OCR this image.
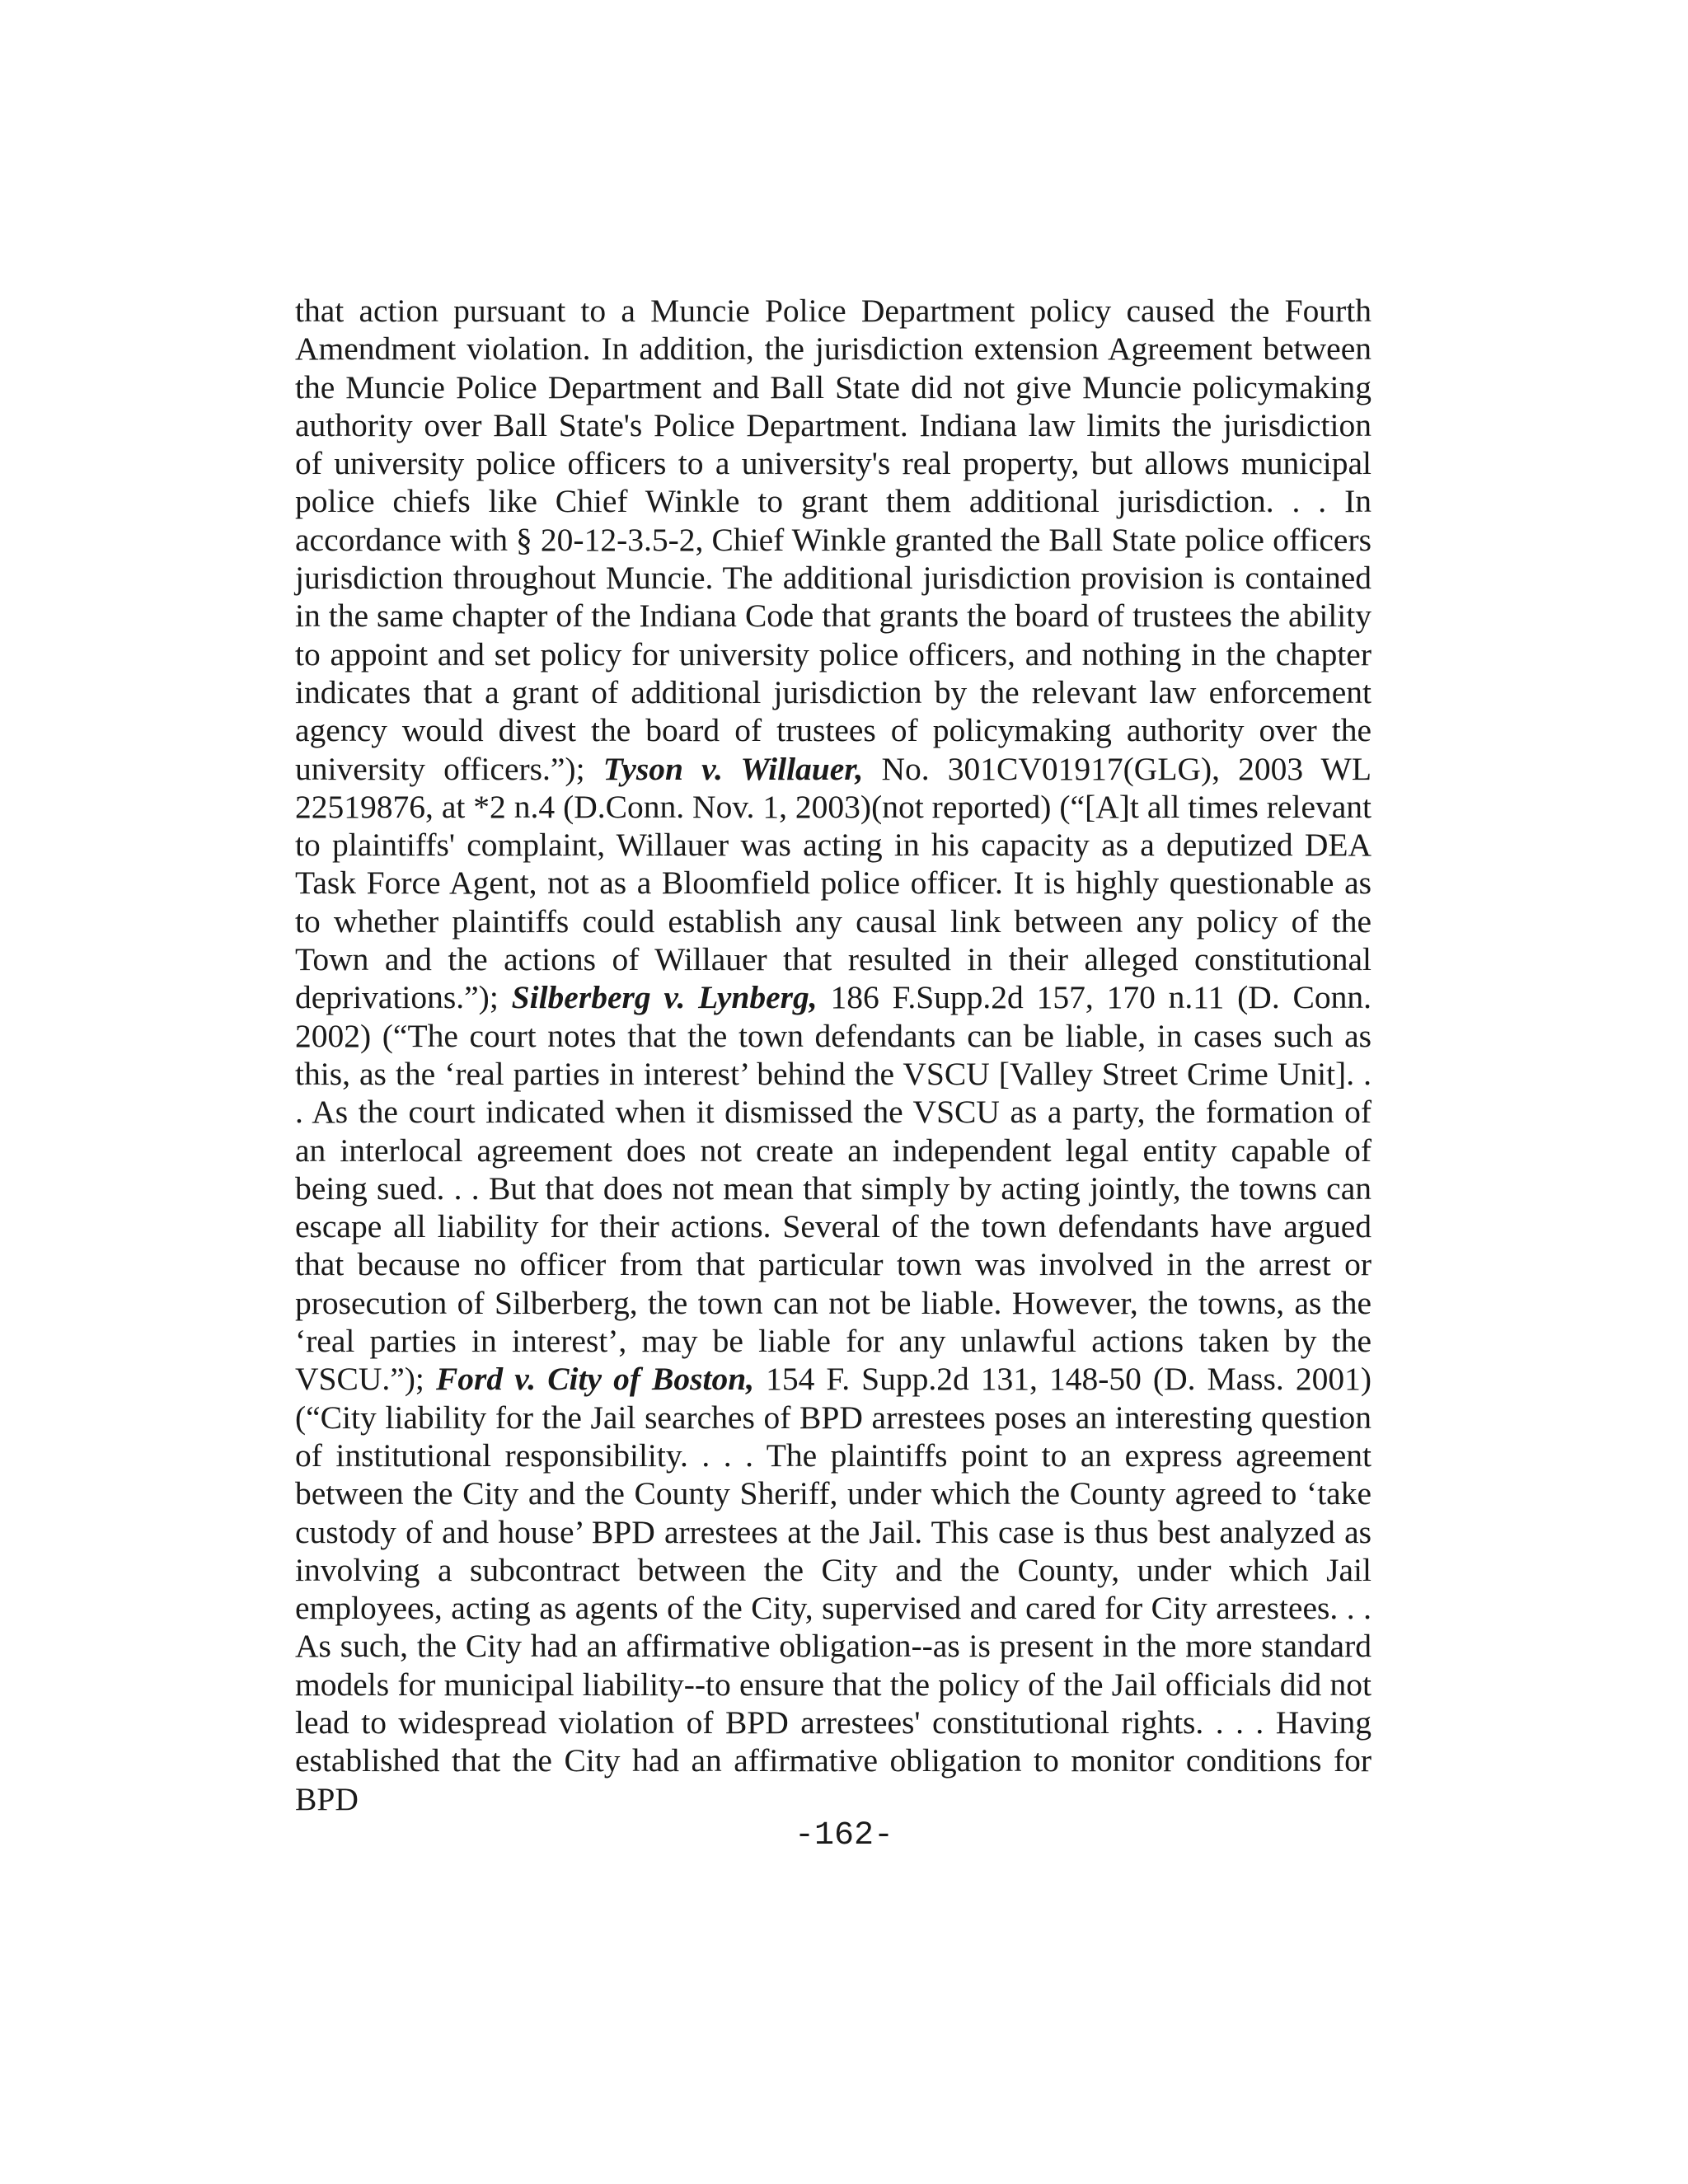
that action pursuant to a Muncie Police Department policy caused the Fourth Amendment violation. In addition, the jurisdiction extension Agreement between the Muncie Police Department and Ball State did not give Muncie policymaking authority over Ball State's Police Department. Indiana law limits the jurisdiction of university police officers to a university's real property, but allows municipal police chiefs like Chief Winkle to grant them additional jurisdiction. . . In accordance with § 20-12-3.5-2, Chief Winkle granted the Ball State police officers jurisdiction throughout Muncie. The additional jurisdiction provision is contained in the same chapter of the Indiana Code that grants the board of trustees the ability to appoint and set policy for university police officers, and nothing in the chapter indicates that a grant of additional jurisdiction by the relevant law enforcement agency would divest the board of trustees of policymaking authority over the university officers.”); Tyson v. Willauer, No. 301CV01917(GLG), 2003 WL 22519876, at *2 n.4 (D.Conn. Nov. 1, 2003)(not reported) (“[A]t all times relevant to plaintiffs' complaint, Willauer was acting in his capacity as a deputized DEA Task Force Agent, not as a Bloomfield police officer. It is highly questionable as to whether plaintiffs could establish any causal link between any policy of the Town and the actions of Willauer that resulted in their alleged constitutional deprivations.”); Silberberg v. Lynberg, 186 F.Supp.2d 157, 170 n.11 (D. Conn. 2002) (“The court notes that the town defendants can be liable, in cases such as this, as the ‘real parties in interest’ behind the VSCU [Valley Street Crime Unit]. . . As the court indicated when it dismissed the VSCU as a party, the formation of an interlocal agreement does not create an independent legal entity capable of being sued. . . But that does not mean that simply by acting jointly, the towns can escape all liability for their actions. Several of the town defendants have argued that because no officer from that particular town was involved in the arrest or prosecution of Silberberg, the town can not be liable. However, the towns, as the ‘real parties in interest’, may be liable for any unlawful actions taken by the VSCU.”); Ford v. City of Boston, 154 F. Supp.2d 131, 148-50 (D. Mass. 2001) (“City liability for the Jail searches of BPD arrestees poses an interesting question of institutional responsibility. . . . The plaintiffs point to an express agreement between the City and the County Sheriff, under which the County agreed to ‘take custody of and house’ BPD arrestees at the Jail. This case is thus best analyzed as involving a subcontract between the City and the County, under which Jail employees, acting as agents of the City, supervised and cared for City arrestees. . . As such, the City had an affirmative obligation--as is present in the more standard models for municipal liability--to ensure that the policy of the Jail officials did not lead to widespread violation of BPD arrestees' constitutional rights. . . . Having established that the City had an affirmative obligation to monitor conditions for BPD

-162-
